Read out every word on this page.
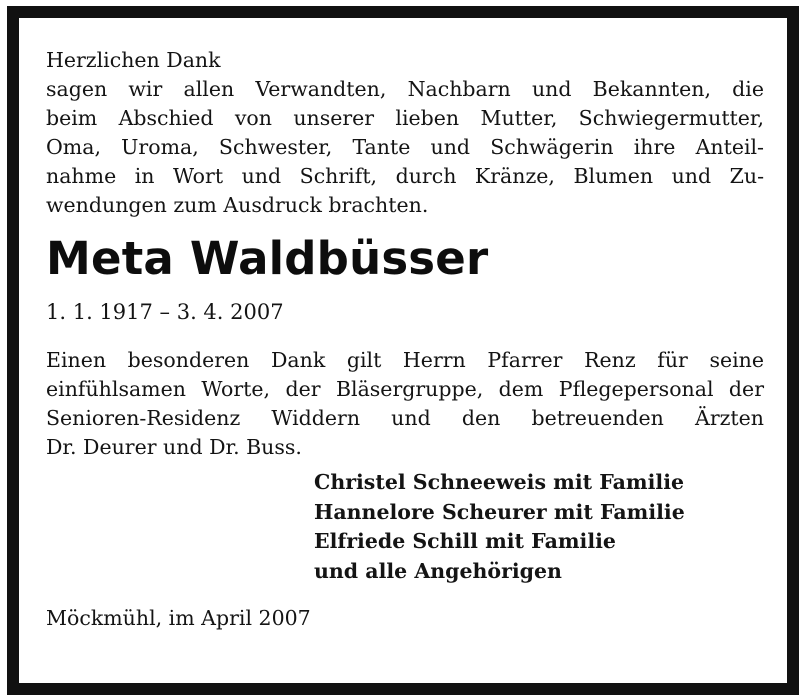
Herzlichen Dank
sagen wir allen Verwandten, Nachbarn und Bekannten, die
beim Abschied von unserer lieben Mutter, Schwiegermutter,
Oma, Uroma, Schwester, Tante und Schwägerin ihre Anteil-
nahme in Wort und Schrift, durch Kränze, Blumen und Zu-
wendungen zum Ausdruck brachten.
Meta Waldbüsser
1. 1. 1917 – 3. 4. 2007
Einen besonderen Dank gilt Herrn Pfarrer Renz für seine
einfühlsamen Worte, der Bläsergruppe, dem Pflegepersonal der
Senioren-Residenz Widdern und den betreuenden Ärzten
Dr. Deurer und Dr. Buss.
Christel Schneeweis mit Familie
Hannelore Scheurer mit Familie
Elfriede Schill mit Familie
und alle Angehörigen
Möckmühl, im April 2007
